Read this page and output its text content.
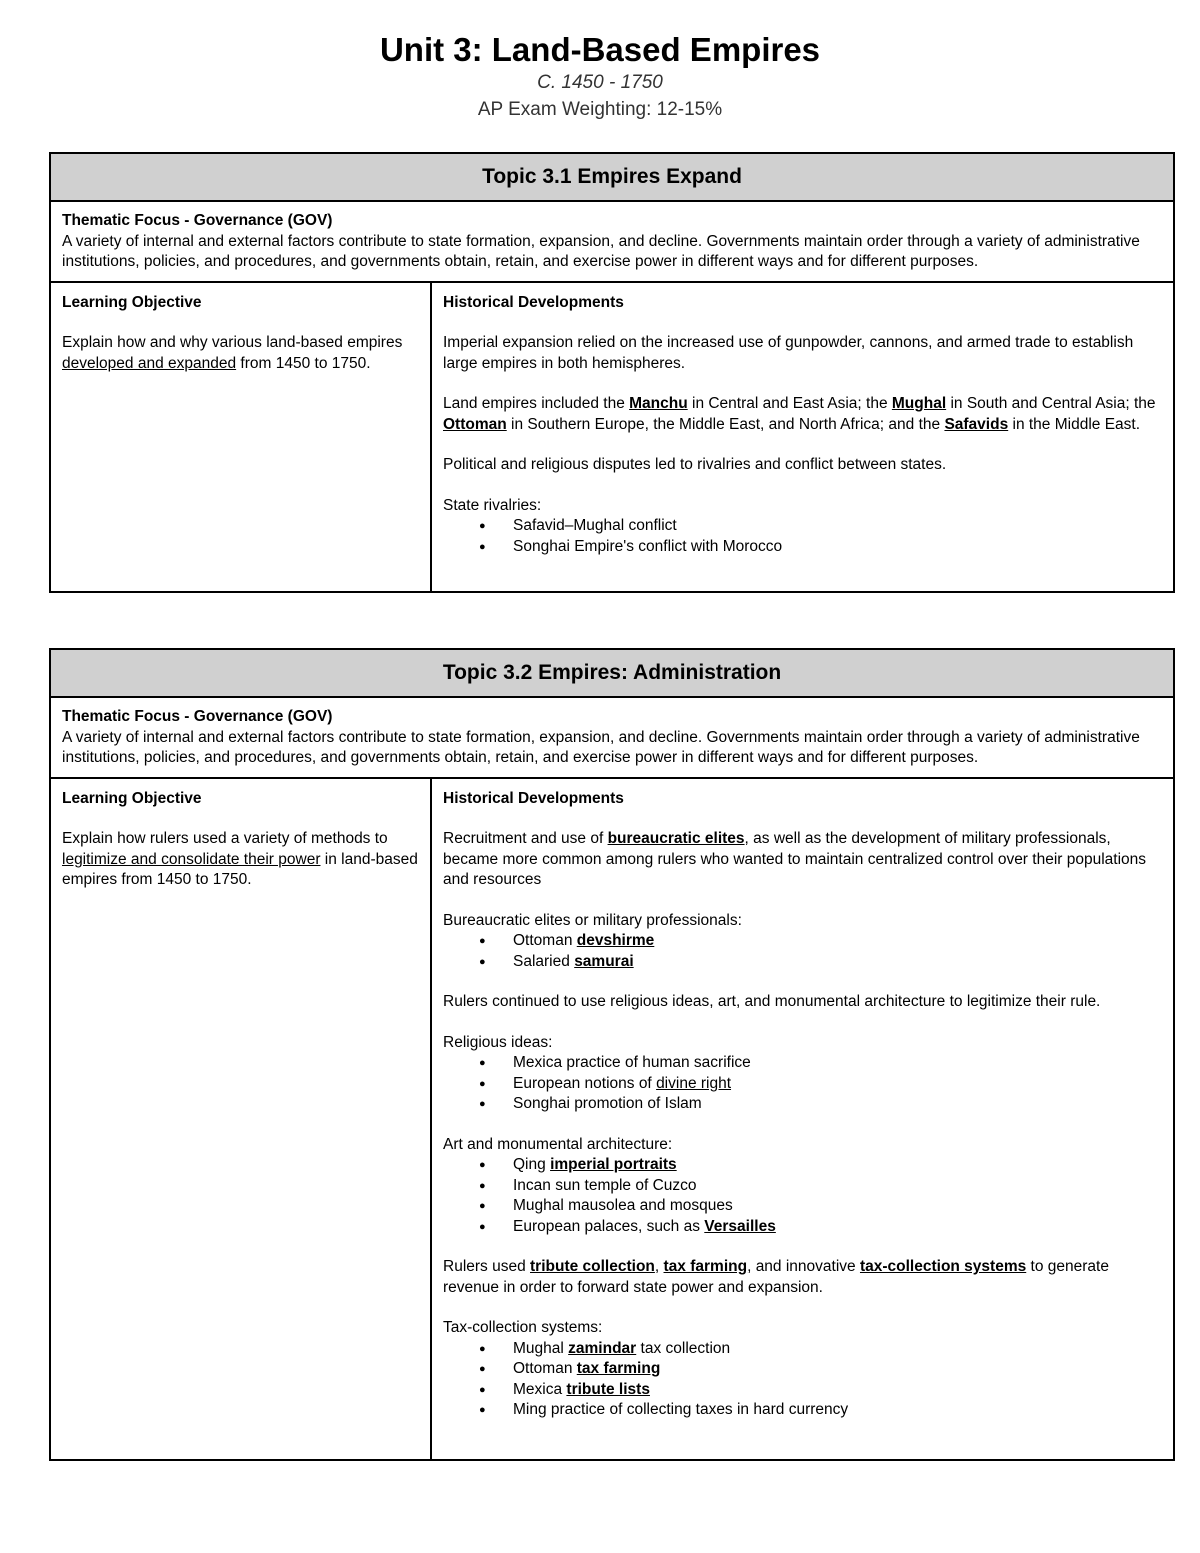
Unit 3: Land-Based Empires
C. 1450 - 1750
AP Exam Weighting: 12-15%
Topic 3.1 Empires Expand

Thematic Focus - Governance (GOV)
A variety of internal and external factors contribute to state formation, expansion, and decline. Governments maintain order through a variety of administrative institutions, policies, and procedures, and governments obtain, retain, and exercise power in different ways and for different purposes.

Learning Objective
Explain how and why various land-based empires developed and expanded from 1450 to 1750.

Historical Developments

Imperial expansion relied on the increased use of gunpowder, cannons, and armed trade to establish large empires in both hemispheres.

Land empires included the Manchu in Central and East Asia; the Mughal in South and Central Asia; the Ottoman in Southern Europe, the Middle East, and North Africa; and the Safavids in the Middle East.

Political and religious disputes led to rivalries and conflict between states.

State rivalries:
● Safavid–Mughal conflict
● Songhai Empire's conflict with Morocco
Topic 3.2 Empires: Administration

Thematic Focus - Governance (GOV)
A variety of internal and external factors contribute to state formation, expansion, and decline. Governments maintain order through a variety of administrative institutions, policies, and procedures, and governments obtain, retain, and exercise power in different ways and for different purposes.

Learning Objective
Explain how rulers used a variety of methods to legitimize and consolidate their power in land-based empires from 1450 to 1750.

Historical Developments

Recruitment and use of bureaucratic elites, as well as the development of military professionals, became more common among rulers who wanted to maintain centralized control over their populations and resources

Bureaucratic elites or military professionals:
● Ottoman devshirme
● Salaried samurai

Rulers continued to use religious ideas, art, and monumental architecture to legitimize their rule.

Religious ideas:
● Mexica practice of human sacrifice
● European notions of divine right
● Songhai promotion of Islam
Art and monumental architecture:
● Qing imperial portraits
● Incan sun temple of Cuzco
● Mughal mausolea and mosques
● European palaces, such as Versailles

Rulers used tribute collection, tax farming, and innovative tax-collection systems to generate revenue in order to forward state power and expansion.

Tax-collection systems:
● Mughal zamindar tax collection
● Ottoman tax farming
● Mexica tribute lists
● Ming practice of collecting taxes in hard currency
